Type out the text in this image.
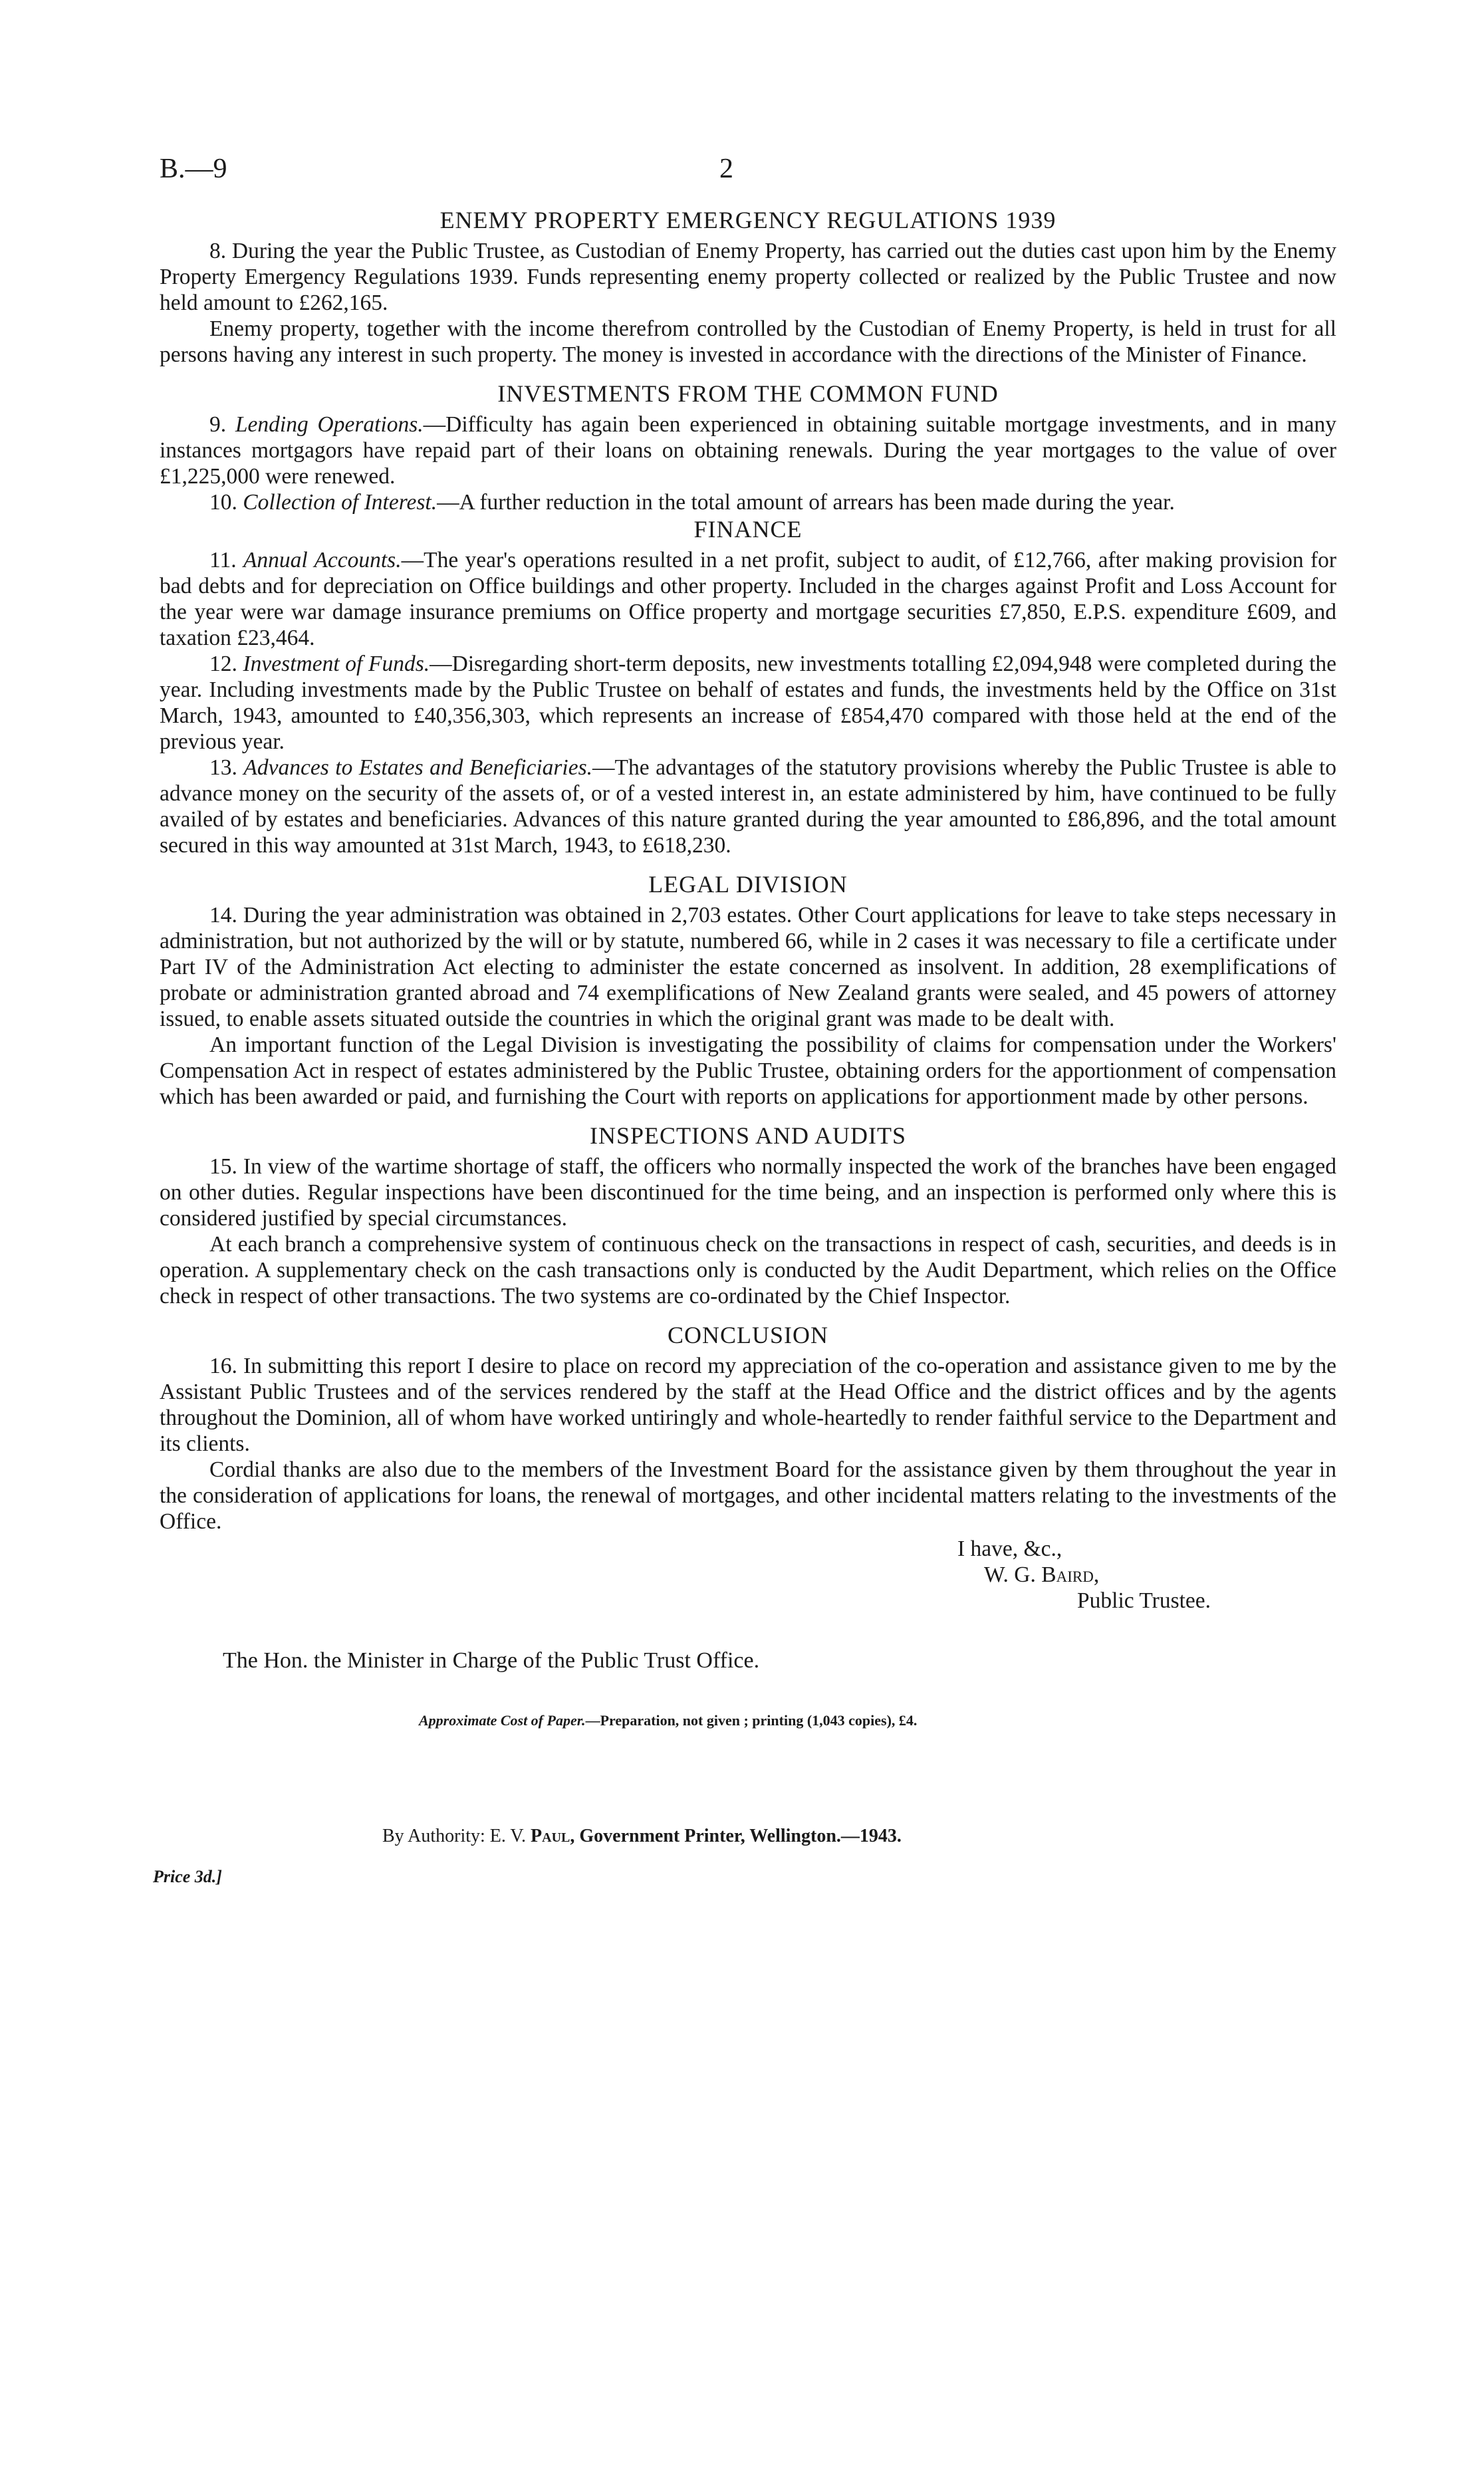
B.—9	2
ENEMY PROPERTY EMERGENCY REGULATIONS 1939

8. During the year the Public Trustee, as Custodian of Enemy Property, has carried out the duties cast upon him by the Enemy Property Emergency Regulations 1939. Funds representing enemy property collected or realized by the Public Trustee and now held amount to £262,165.

Enemy property, together with the income therefrom controlled by the Custodian of Enemy Property, is held in trust for all persons having any interest in such property. The money is invested in accordance with the directions of the Minister of Finance.

INVESTMENTS FROM THE COMMON FUND

9. Lending Operations.—Difficulty has again been experienced in obtaining suitable mortgage investments, and in many instances mortgagors have repaid part of their loans on obtaining renewals. During the year mortgages to the value of over £1,225,000 were renewed.

10. Collection of Interest.—A further reduction in the total amount of arrears has been made during the year.

FINANCE

11. Annual Accounts.—The year's operations resulted in a net profit, subject to audit, of £12,766, after making provision for bad debts and for depreciation on Office buildings and other property. Included in the charges against Profit and Loss Account for the year were war damage insurance premiums on Office property and mortgage securities £7,850, E.P.S. expenditure £609, and taxation £23,464.

12. Investment of Funds.—Disregarding short-term deposits, new investments totalling £2,094,948 were completed during the year. Including investments made by the Public Trustee on behalf of estates and funds, the investments held by the Office on 31st March, 1943, amounted to £40,356,303, which represents an increase of £854,470 compared with those held at the end of the previous year.

13. Advances to Estates and Beneficiaries.—The advantages of the statutory provisions whereby the Public Trustee is able to advance money on the security of the assets of, or of a vested interest in, an estate administered by him, have continued to be fully availed of by estates and beneficiaries. Advances of this nature granted during the year amounted to £86,896, and the total amount secured in this way amounted at 31st March, 1943, to £618,230.

LEGAL DIVISION

14. During the year administration was obtained in 2,703 estates. Other Court applications for leave to take steps necessary in administration, but not authorized by the will or by statute, numbered 66, while in 2 cases it was necessary to file a certificate under Part IV of the Administration Act electing to administer the estate concerned as insolvent. In addition, 28 exemplifications of probate or administration granted abroad and 74 exemplifications of New Zealand grants were sealed, and 45 powers of attorney issued, to enable assets situated outside the countries in which the original grant was made to be dealt with.

An important function of the Legal Division is investigating the possibility of claims for compensation under the Workers' Compensation Act in respect of estates administered by the Public Trustee, obtaining orders for the apportionment of compensation which has been awarded or paid, and furnishing the Court with reports on applications for apportionment made by other persons.

INSPECTIONS AND AUDITS

15. In view of the wartime shortage of staff, the officers who normally inspected the work of the branches have been engaged on other duties. Regular inspections have been discontinued for the time being, and an inspection is performed only where this is considered justified by special circumstances.

At each branch a comprehensive system of continuous check on the transactions in respect of cash, securities, and deeds is in operation. A supplementary check on the cash transactions only is conducted by the Audit Department, which relies on the Office check in respect of other transactions. The two systems are co-ordinated by the Chief Inspector.

CONCLUSION

16. In submitting this report I desire to place on record my appreciation of the co-operation and assistance given to me by the Assistant Public Trustees and of the services rendered by the staff at the Head Office and the district offices and by the agents throughout the Dominion, all of whom have worked untiringly and whole-heartedly to render faithful service to the Department and its clients.

Cordial thanks are also due to the members of the Investment Board for the assistance given by them throughout the year in the consideration of applications for loans, the renewal of mortgages, and other incidental matters relating to the investments of the Office.

I have, &c.,
W. G. Baird,
Public Trustee.
The Hon. the Minister in Charge of the Public Trust Office.
Approximate Cost of Paper.—Preparation, not given ; printing (1,043 copies), £4.
By Authority: E. V. Paul, Government Printer, Wellington.—1943.
Price 3d.]
